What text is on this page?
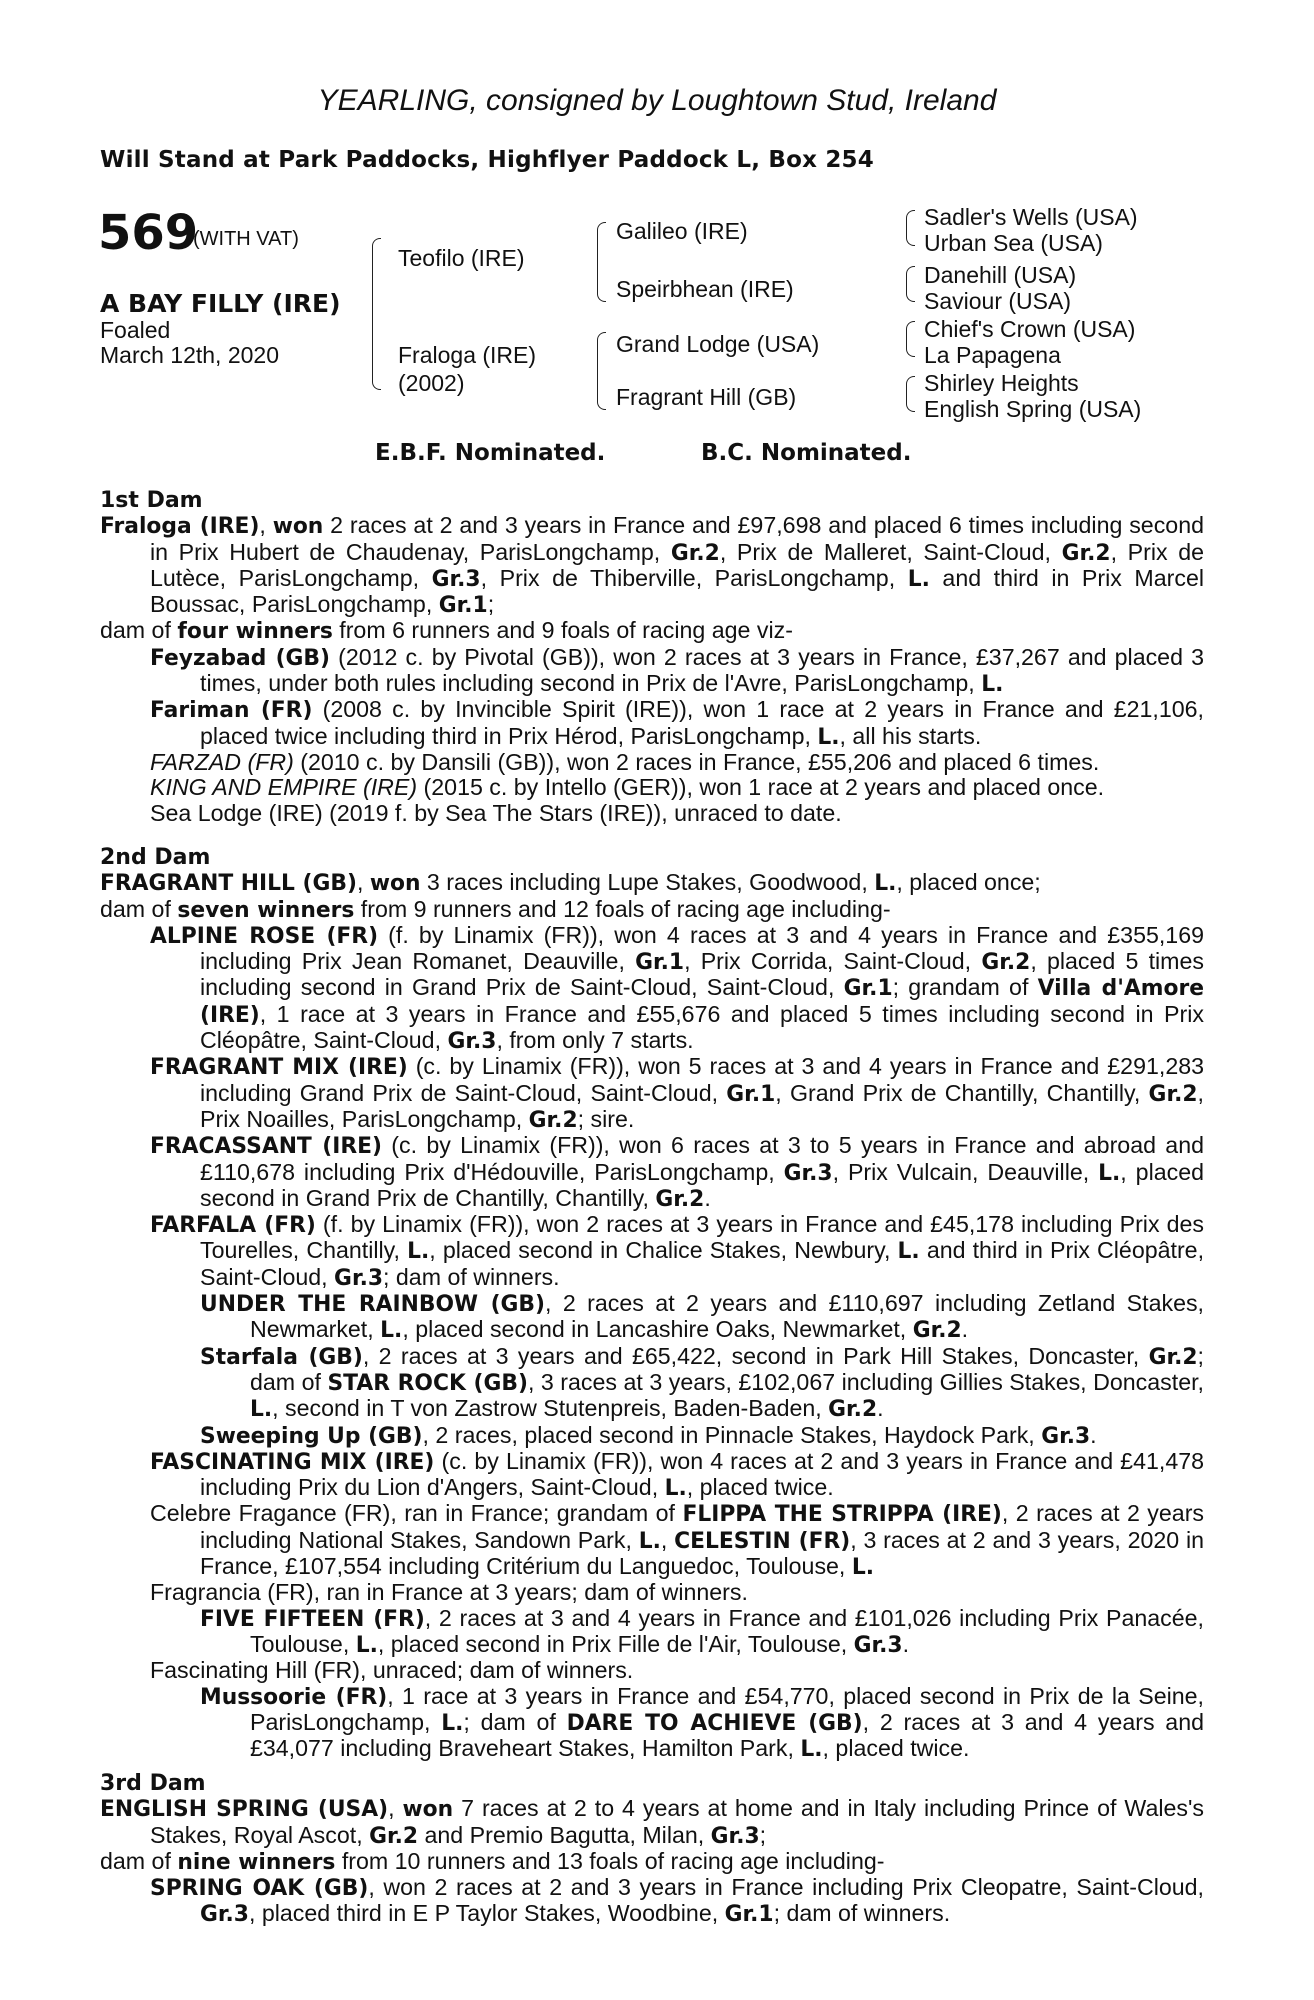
YEARLING, consigned by Loughtown Stud, Ireland
Will Stand at Park Paddocks, Highflyer Paddock L, Box 254
569
(WITH VAT)
A BAY FILLY (IRE)
Foaled
March 12th, 2020
Teofilo (IRE)
Fraloga (IRE)
(2002)
Galileo (IRE)
Speirbhean (IRE)
Grand Lodge (USA)
Fragrant Hill (GB)
Sadler's Wells (USA)
Urban Sea (USA)
Danehill (USA)
Saviour (USA)
Chief's Crown (USA)
La Papagena
Shirley Heights
English Spring (USA)
E.B.F. Nominated.	B.C. Nominated.

1st Dam

Fraloga (IRE), won 2 races at 2 and 3 years in France and £97,698 and placed 6 times including second in Prix Hubert de Chaudenay, ParisLongchamp, Gr.2, Prix de Malleret, Saint-Cloud, Gr.2, Prix de Lutèce, ParisLongchamp, Gr.3, Prix de Thiberville, ParisLongchamp, L. and third in Prix Marcel Boussac, ParisLongchamp, Gr.1;

dam of four winners from 6 runners and 9 foals of racing age viz-

Feyzabad (GB) (2012 c. by Pivotal (GB)), won 2 races at 3 years in France, £37,267 and placed 3 times, under both rules including second in Prix de l'Avre, ParisLongchamp, L.

Fariman (FR) (2008 c. by Invincible Spirit (IRE)), won 1 race at 2 years in France and £21,106, placed twice including third in Prix Hérod, ParisLongchamp, L., all his starts.

FARZAD (FR) (2010 c. by Dansili (GB)), won 2 races in France, £55,206 and placed 6 times.

KING AND EMPIRE (IRE) (2015 c. by Intello (GER)), won 1 race at 2 years and placed once.

Sea Lodge (IRE) (2019 f. by Sea The Stars (IRE)), unraced to date.

2nd Dam

FRAGRANT HILL (GB), won 3 races including Lupe Stakes, Goodwood, L., placed once;

dam of seven winners from 9 runners and 12 foals of racing age including-

ALPINE ROSE (FR) (f. by Linamix (FR)), won 4 races at 3 and 4 years in France and £355,169 including Prix Jean Romanet, Deauville, Gr.1, Prix Corrida, Saint-Cloud, Gr.2, placed 5 times including second in Grand Prix de Saint-Cloud, Saint-Cloud, Gr.1; grandam of Villa d'Amore (IRE), 1 race at 3 years in France and £55,676 and placed 5 times including second in Prix Cléopâtre, Saint-Cloud, Gr.3, from only 7 starts.

FRAGRANT MIX (IRE) (c. by Linamix (FR)), won 5 races at 3 and 4 years in France and £291,283 including Grand Prix de Saint-Cloud, Saint-Cloud, Gr.1, Grand Prix de Chantilly, Chantilly, Gr.2, Prix Noailles, ParisLongchamp, Gr.2; sire.

FRACASSANT (IRE) (c. by Linamix (FR)), won 6 races at 3 to 5 years in France and abroad and £110,678 including Prix d'Hédouville, ParisLongchamp, Gr.3, Prix Vulcain, Deauville, L., placed second in Grand Prix de Chantilly, Chantilly, Gr.2.

FARFALA (FR) (f. by Linamix (FR)), won 2 races at 3 years in France and £45,178 including Prix des Tourelles, Chantilly, L., placed second in Chalice Stakes, Newbury, L. and third in Prix Cléopâtre, Saint-Cloud, Gr.3; dam of winners.

UNDER THE RAINBOW (GB), 2 races at 2 years and £110,697 including Zetland Stakes, Newmarket, L., placed second in Lancashire Oaks, Newmarket, Gr.2.

Starfala (GB), 2 races at 3 years and £65,422, second in Park Hill Stakes, Doncaster, Gr.2; dam of STAR ROCK (GB), 3 races at 3 years, £102,067 including Gillies Stakes, Doncaster, L., second in T von Zastrow Stutenpreis, Baden-Baden, Gr.2.

Sweeping Up (GB), 2 races, placed second in Pinnacle Stakes, Haydock Park, Gr.3.

FASCINATING MIX (IRE) (c. by Linamix (FR)), won 4 races at 2 and 3 years in France and £41,478 including Prix du Lion d'Angers, Saint-Cloud, L., placed twice.

Celebre Fragance (FR), ran in France; grandam of FLIPPA THE STRIPPA (IRE), 2 races at 2 years including National Stakes, Sandown Park, L., CELESTIN (FR), 3 races at 2 and 3 years, 2020 in France, £107,554 including Critérium du Languedoc, Toulouse, L.

Fragrancia (FR), ran in France at 3 years; dam of winners.

FIVE FIFTEEN (FR), 2 races at 3 and 4 years in France and £101,026 including Prix Panacée, Toulouse, L., placed second in Prix Fille de l'Air, Toulouse, Gr.3.

Fascinating Hill (FR), unraced; dam of winners.

Mussoorie (FR), 1 race at 3 years in France and £54,770, placed second in Prix de la Seine, ParisLongchamp, L.; dam of DARE TO ACHIEVE (GB), 2 races at 3 and 4 years and £34,077 including Braveheart Stakes, Hamilton Park, L., placed twice.

3rd Dam

ENGLISH SPRING (USA), won 7 races at 2 to 4 years at home and in Italy including Prince of Wales's Stakes, Royal Ascot, Gr.2 and Premio Bagutta, Milan, Gr.3;

dam of nine winners from 10 runners and 13 foals of racing age including-

SPRING OAK (GB), won 2 races at 2 and 3 years in France including Prix Cleopatre, Saint-Cloud, Gr.3, placed third in E P Taylor Stakes, Woodbine, Gr.1; dam of winners.
